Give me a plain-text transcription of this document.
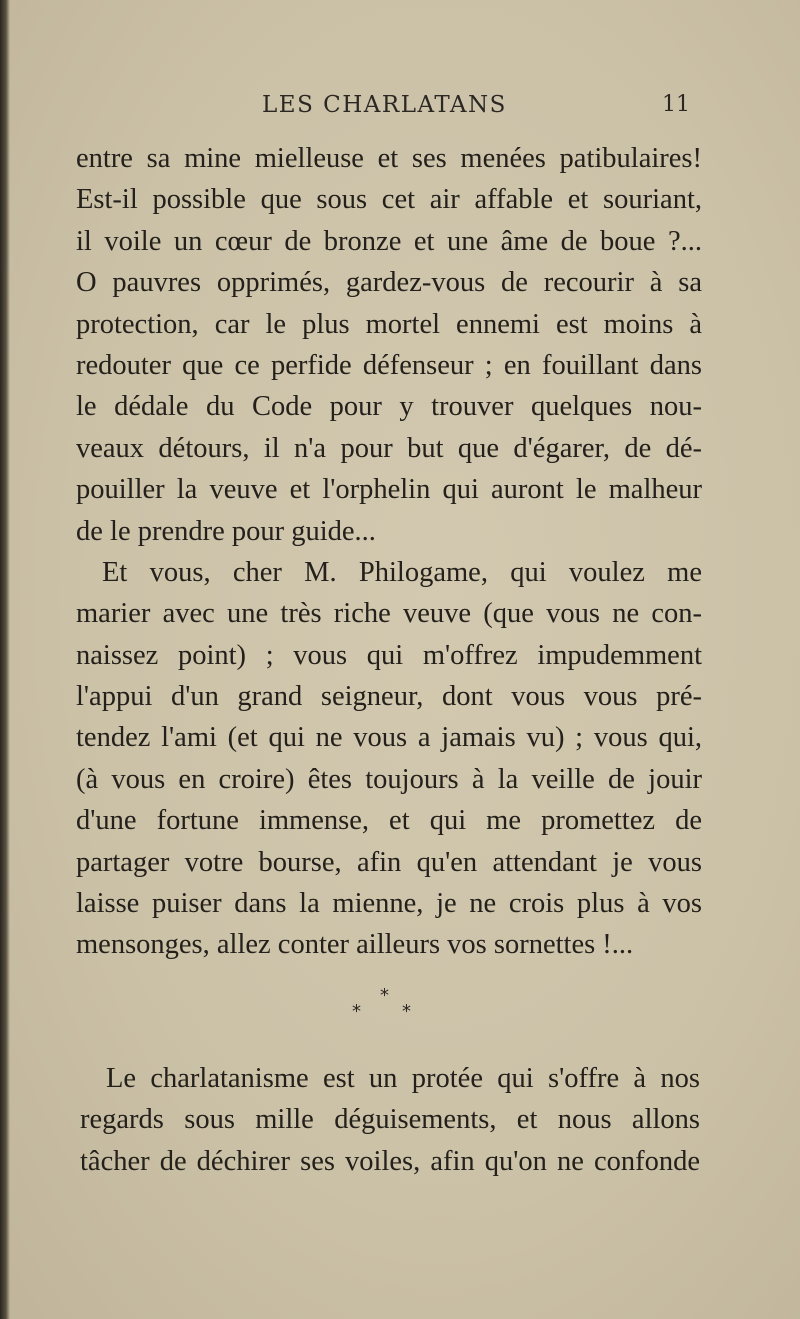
LES CHARLATANS	11
entre sa mine mielleuse et ses menées patibulaires!
Est-il possible que sous cet air affable et souriant,
il voile un cœur de bronze et une âme de boue ?...
O pauvres opprimés, gardez-vous de recourir à sa
protection, car le plus mortel ennemi est moins à
redouter que ce perfide défenseur ; en fouillant dans
le dédale du Code pour y trouver quelques nou-
veaux détours, il n'a pour but que d'égarer, de dé-
pouiller la veuve et l'orphelin qui auront le malheur
de le prendre pour guide...
Et vous, cher M. Philogame, qui voulez me
marier avec une très riche veuve (que vous ne con-
naissez point) ; vous qui m'offrez impudemment
l'appui d'un grand seigneur, dont vous vous pré-
tendez l'ami (et qui ne vous a jamais vu) ; vous qui,
(à vous en croire) êtes toujours à la veille de jouir
d'une fortune immense, et qui me promettez de
partager votre bourse, afin qu'en attendant je vous
laisse puiser dans la mienne, je ne crois plus à vos
mensonges, allez conter ailleurs vos sornettes !...
*
* *
Le charlatanisme est un protée qui s'offre à nos
regards sous mille déguisements, et nous allons
tâcher de déchirer ses voiles, afin qu'on ne confonde
